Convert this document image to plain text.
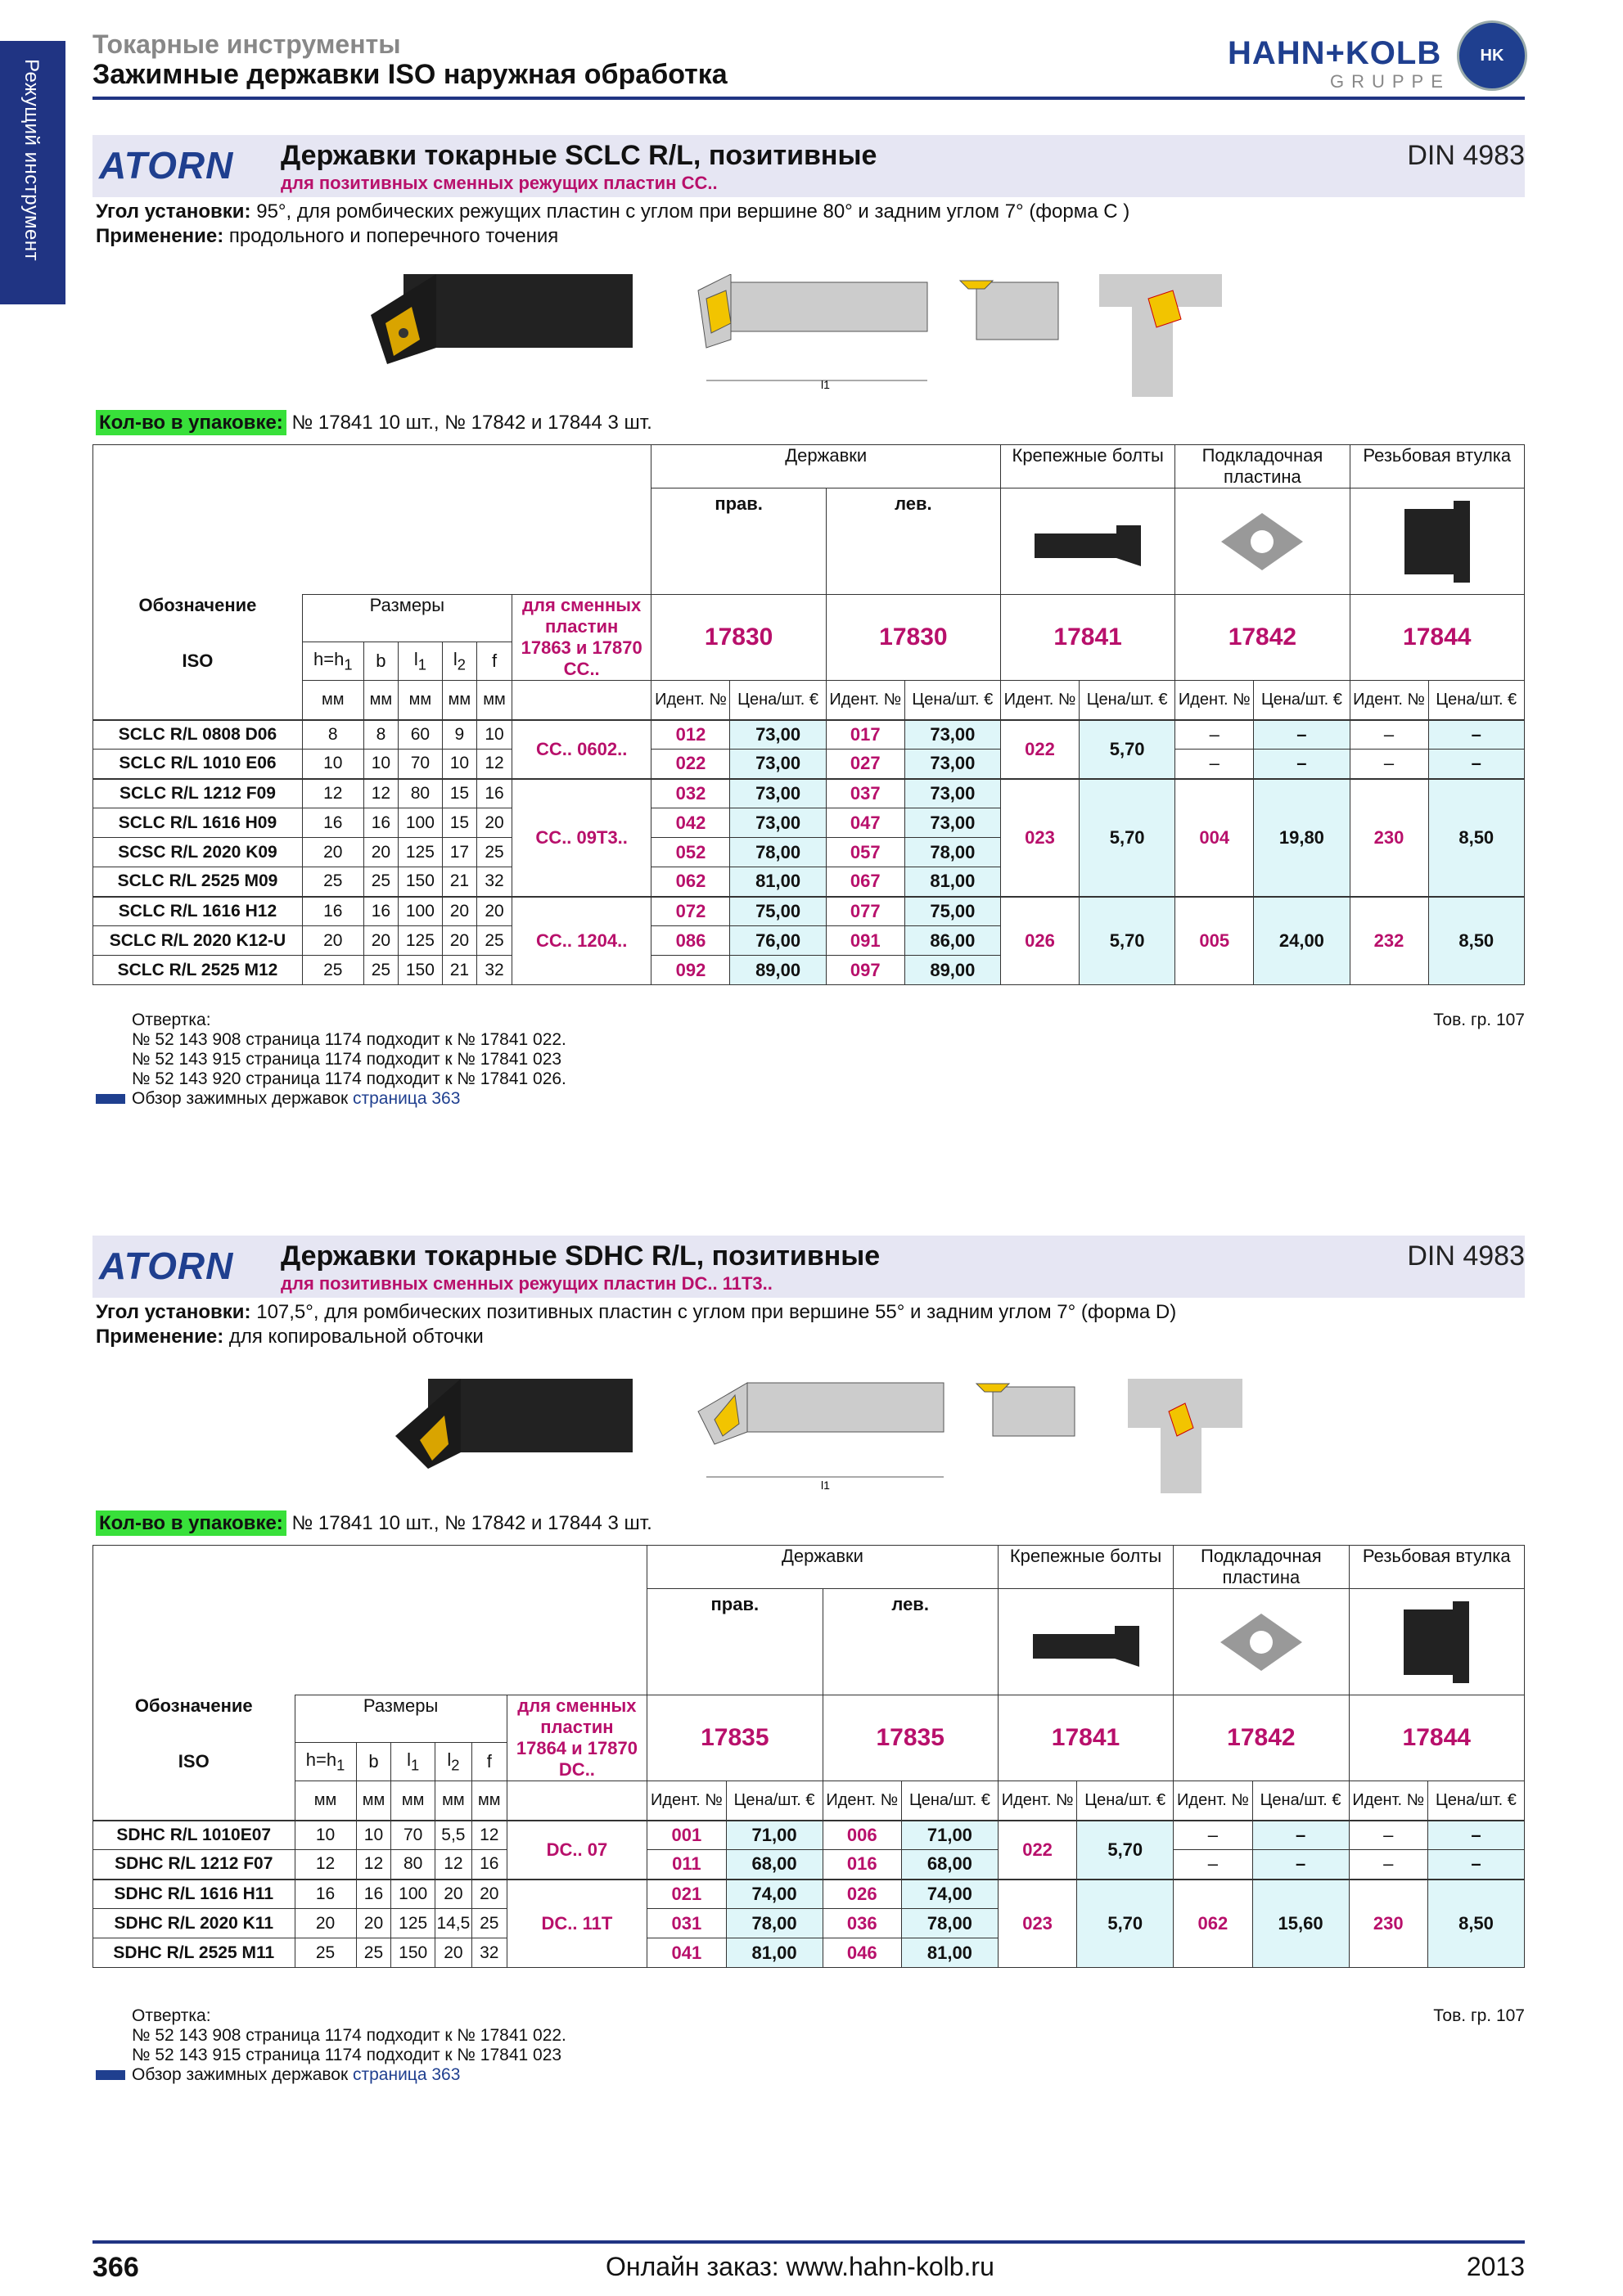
Режущий инструмент
Токарные инструменты
Зажимные державки ISO наружная обработка
HAHN+KOLB
GRUPPE
HK
ATORN Державки токарные SCLC R/L, позитивные
для позитивных сменных режущих пластин CC..
DIN 4983
Угол установки: 95°, для ромбических режущих пластин с углом при вершине 80° и задним углом 7° (форма C )
Применение: продольного и поперечного точения
l1
Кол-во в упаковке: № 17841 10 шт., № 17842 и 17844 3 шт.
							Державки				Крепежные болты		Подкладочная пластина		Резьбовая втулка	
							прав.		лев.	

Обозначение	Размеры					для сменных пластин
17863 и 17870 CC..	17830		17830		17841		17842		17844	
ISO	$h=h_1$	b	$l_1$	$l_2$	f											
	мм	мм	мм	мм	мм		Идент. №	Цена/шт. €	Идент. №	Цена/шт. €	Идент. №	Цена/шт. €	Идент. №	Цена/шт. €	Идент. №	Цена/шт. €
SCLC R/L 0808 D06	8	8	60	9	10	CC.. 0602..	012	73,00	017	73,00	022	5,70	–	–	–	–
SCLC R/L 1010 E06	10	10	70	10	12		022	73,00	027	73,00			–	–	–	–
SCLC R/L 1212 F09	12	12	80	15	16	CC.. 09T3..	032	73,00	037	73,00	023	5,70	004	19,80	230	8,50
SCLC R/L 1616 H09	16	16	100	15	20		042	73,00	047	73,00						
SCSC R/L 2020 K09	20	20	125	17	25		052	78,00	057	78,00						
SCLC R/L 2525 M09	25	25	150	21	32		062	81,00	067	81,00						
SCLC R/L 1616 H12	16	16	100	20	20	CC.. 1204..	072	75,00	077	75,00	026	5,70	005	24,00	232	8,50
SCLC R/L 2020 K12-U	20	20	125	20	25		086	76,00	091	86,00						
SCLC R/L 2525 M12	25	25	150	21	32		092	89,00	097	89,00						
Отвертка:
№ 52 143 908 страница 1174 подходит к № 17841 022.
№ 52 143 915 страница 1174 подходит к № 17841 023
№ 52 143 920 страница 1174 подходит к № 17841 026.
Обзор зажимных державок страница 363
Тов. гр. 107
ATORN Державки токарные SDHC R/L, позитивные
для позитивных сменных режущих пластин DC.. 11T3..
DIN 4983
Угол установки: 107,5°, для ромбических позитивных пластин с углом при вершине 55° и задним углом 7° (форма D)
Применение: для копировальной обточки
l1
Кол-во в упаковке: № 17841 10 шт., № 17842 и 17844 3 шт.
							Державки				Крепежные болты		Подкладочная пластина		Резьбовая втулка	
							прав.		лев.	

Обозначение	Размеры					для сменных пластин
17864 и 17870 DC..	17835		17835		17841		17842		17844	
ISO	$h=h_1$	b	$l_1$	$l_2$	f											
	мм	мм	мм	мм	мм		Идент. №	Цена/шт. €	Идент. №	Цена/шт. €	Идент. №	Цена/шт. €	Идент. №	Цена/шт. €	Идент. №	Цена/шт. €
SDHC R/L 1010E07	10	10	70	5,5	12	DC.. 07	001	71,00	006	71,00	022	5,70	–	–	–	–
SDHC R/L 1212 F07	12	12	80	12	16		011	68,00	016	68,00			–	–	–	–
SDHC R/L 1616 H11	16	16	100	20	20	DC.. 11T	021	74,00	026	74,00	023	5,70	062	15,60	230	8,50
SDHC R/L 2020 K11	20	20	125	14,5	25		031	78,00	036	78,00						
SDHC R/L 2525 M11	25	25	150	20	32		041	81,00	046	81,00						
Отвертка:
№ 52 143 908 страница 1174 подходит к № 17841 022.
№ 52 143 915 страница 1174 подходит к № 17841 023
Обзор зажимных державок страница 363
Тов. гр. 107
366	Онлайн заказ: www.hahn-kolb.ru	2013
